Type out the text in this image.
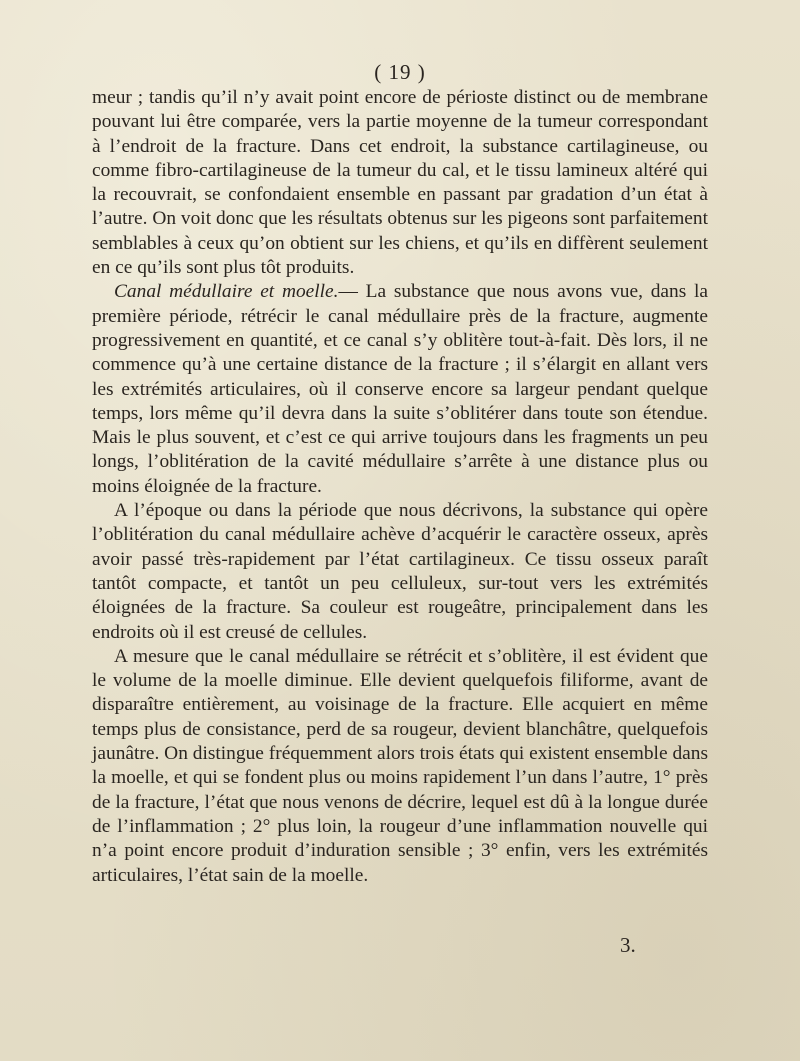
( 19 )

meur ; tandis qu’il n’y avait point encore de périoste distinct ou de membrane pouvant lui être comparée, vers la partie moyenne de la tumeur correspondant à l’endroit de la fracture. Dans cet endroit, la substance cartilagineuse, ou comme fibro-cartilagineuse de la tumeur du cal, et le tissu lamineux altéré qui la recouvrait, se confondaient ensemble en passant par gradation d’un état à l’autre. On voit donc que les résultats obtenus sur les pigeons sont parfaitement semblables à ceux qu’on obtient sur les chiens, et qu’ils en diffèrent seulement en ce qu’ils sont plus tôt produits.

Canal médullaire et moelle.— La substance que nous avons vue, dans la première période, rétrécir le canal médullaire près de la fracture, augmente progressivement en quantité, et ce canal s’y oblitère tout-à-fait. Dès lors, il ne commence qu’à une certaine distance de la fracture ; il s’élargit en allant vers les extrémités articulaires, où il conserve encore sa largeur pendant quelque temps, lors même qu’il devra dans la suite s’oblitérer dans toute son étendue. Mais le plus souvent, et c’est ce qui arrive toujours dans les fragments un peu longs, l’oblitération de la cavité médullaire s’arrête à une distance plus ou moins éloignée de la fracture.

A l’époque ou dans la période que nous décrivons, la substance qui opère l’oblitération du canal médullaire achève d’acquérir le caractère osseux, après avoir passé très-rapidement par l’état cartilagineux. Ce tissu osseux paraît tantôt compacte, et tantôt un peu celluleux, sur-tout vers les extrémités éloignées de la fracture. Sa couleur est rougeâtre, principalement dans les endroits où il est creusé de cellules.

A mesure que le canal médullaire se rétrécit et s’oblitère, il est évident que le volume de la moelle diminue. Elle devient quelquefois filiforme, avant de disparaître entièrement, au voisinage de la fracture. Elle acquiert en même temps plus de consistance, perd de sa rougeur, devient blanchâtre, quelquefois jaunâtre. On distingue fréquemment alors trois états qui existent ensemble dans la moelle, et qui se fondent plus ou moins rapidement l’un dans l’autre, 1° près de la fracture, l’état que nous venons de décrire, lequel est dû à la longue durée de l’inflammation ; 2° plus loin, la rougeur d’une inflammation nouvelle qui n’a point encore produit d’induration sensible ; 3° enfin, vers les extrémités articulaires, l’état sain de la moelle.

3.
